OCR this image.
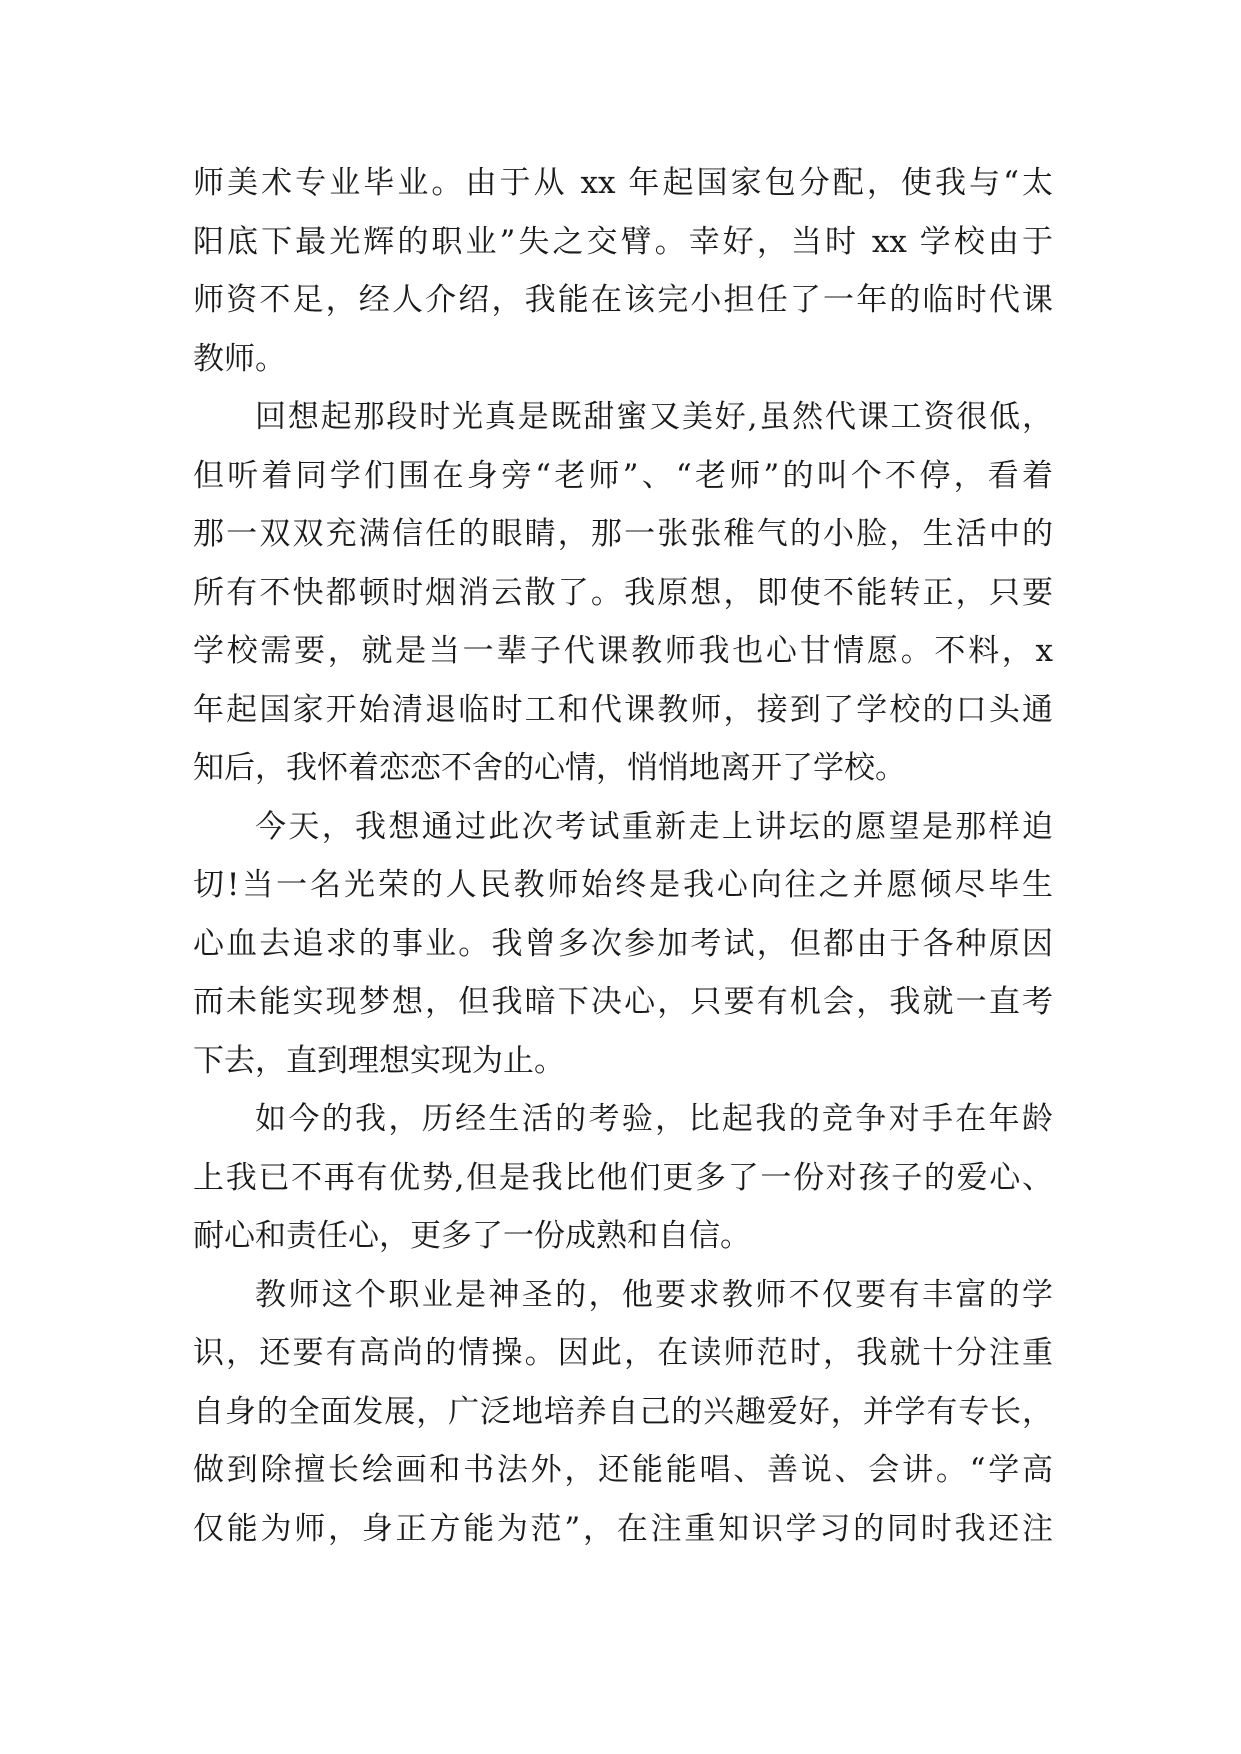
师美术专业毕业。由于从 xx 年起国家包分配，使我与“太
阳底下最光辉的职业”失之交臂。幸好，当时 xx 学校由于
师资不足，经人介绍，我能在该完小担任了一年的临时代课
教师。
回想起那段时光真是既甜蜜又美好,虽然代课工资很低，
但听着同学们围在身旁“老师”、“老师”的叫个不停，看着
那一双双充满信任的眼睛，那一张张稚气的小脸，生活中的
所有不快都顿时烟消云散了。我原想，即使不能转正，只要
学校需要，就是当一辈子代课教师我也心甘情愿。不料，x
年起国家开始清退临时工和代课教师，接到了学校的口头通
知后，我怀着恋恋不舍的心情，悄悄地离开了学校。
今天，我想通过此次考试重新走上讲坛的愿望是那样迫
切!当一名光荣的人民教师始终是我心向往之并愿倾尽毕生
心血去追求的事业。我曾多次参加考试，但都由于各种原因
而未能实现梦想，但我暗下决心，只要有机会，我就一直考
下去，直到理想实现为止。
如今的我，历经生活的考验，比起我的竞争对手在年龄
上我已不再有优势,但是我比他们更多了一份对孩子的爱心、
耐心和责任心，更多了一份成熟和自信。
教师这个职业是神圣的，他要求教师不仅要有丰富的学
识，还要有高尚的情操。因此，在读师范时，我就十分注重
自身的全面发展，广泛地培养自己的兴趣爱好，并学有专长，
做到除擅长绘画和书法外，还能能唱、善说、会讲。“学高
仅能为师，身正方能为范”，在注重知识学习的同时我还注
